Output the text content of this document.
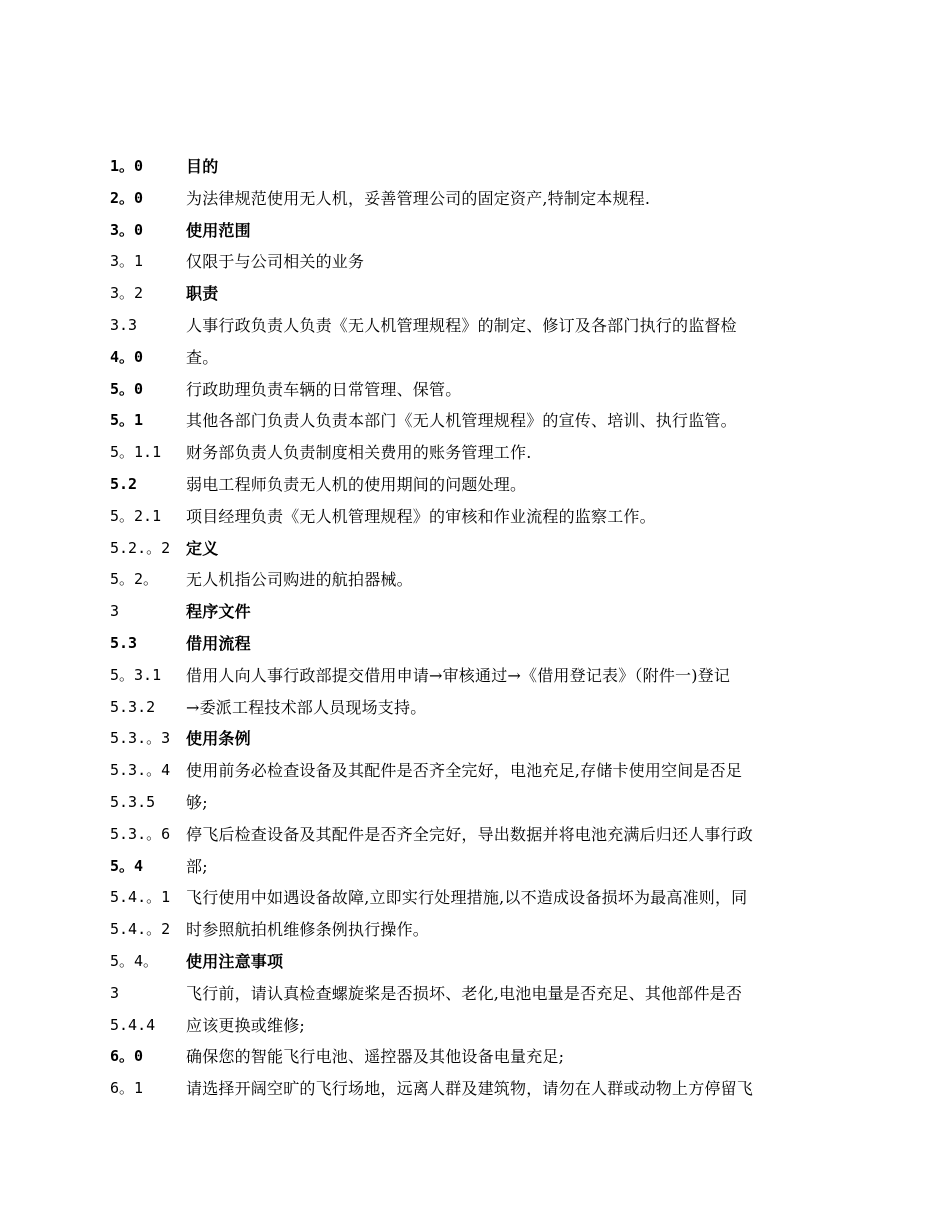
1。0	目的
2。0	为法律规范使用无人机，妥善管理公司的固定资产,特制定本规程.
3。0	使用范围
3。1	仅限于与公司相关的业务
3。2	职责
3.3	人事行政负责人负责《无人机管理规程》的制定、修订及各部门执行的监督检
4。0	查。
5。0	行政助理负责车辆的日常管理、保管。
5。1	其他各部门负责人负责本部门《无人机管理规程》的宣传、培训、执行监管。
5。1.1	财务部负责人负责制度相关费用的账务管理工作.
5.2	弱电工程师负责无人机的使用期间的问题处理。
5。2.1	项目经理负责《无人机管理规程》的审核和作业流程的监察工作。
5.2.。2 定义
5。2。	无人机指公司购进的航拍器械。
3	程序文件
5.3	借用流程
5。3.1	借用人向人事行政部提交借用申请→审核通过→《借用登记表》（附件一)登记
5.3.2	→委派工程技术部人员现场支持。
5.3.。3 使用条例
5.3.。4 使用前务必检查设备及其配件是否齐全完好，电池充足,存储卡使用空间是否足
5.3.5	够;
5.3.。6 停飞后检查设备及其配件是否齐全完好，导出数据并将电池充满后归还人事行政
5。4	部;
5.4.。1 飞行使用中如遇设备故障,立即实行处理措施,以不造成设备损坏为最高准则，同
5.4.。2 时参照航拍机维修条例执行操作。
5。4。	使用注意事项
3	飞行前，请认真检查螺旋桨是否损坏、老化,电池电量是否充足、其他部件是否
5.4.4	应该更换或维修;
6。0	确保您的智能飞行电池、遥控器及其他设备电量充足;
6。1	请选择开阔空旷的飞行场地，远离人群及建筑物，请勿在人群或动物上方停留飞
